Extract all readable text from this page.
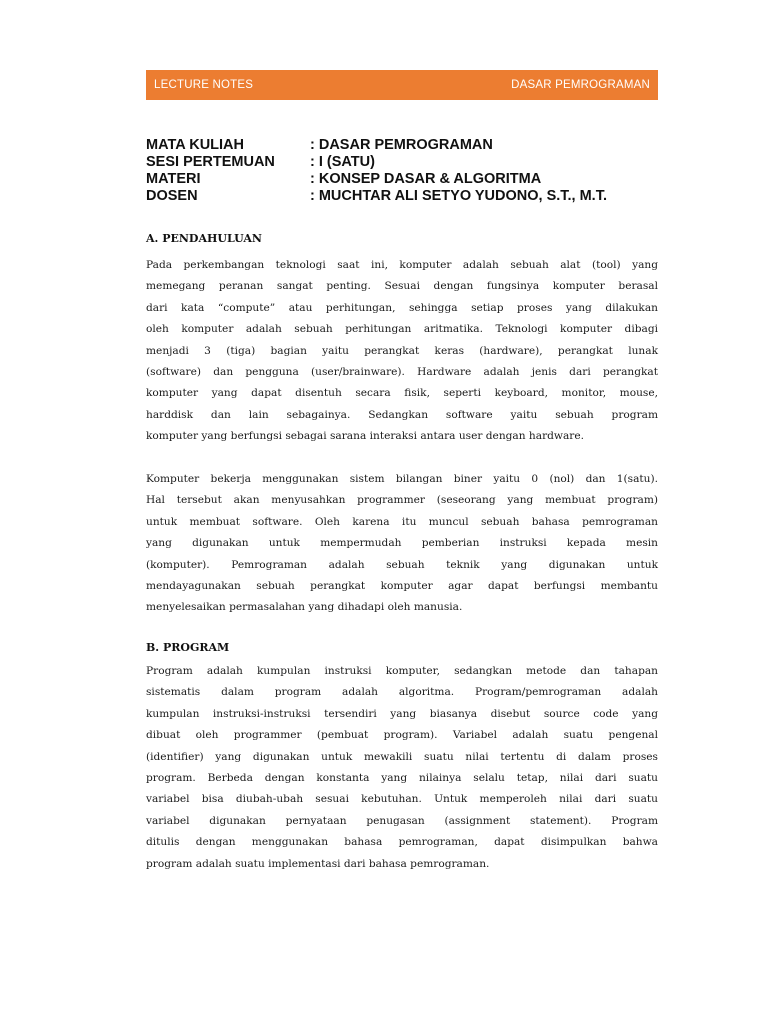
LECTURE NOTES	DASAR PEMROGRAMAN
MATA KULIAH	: DASAR PEMROGRAMAN
SESI PERTEMUAN	: I (SATU)
MATERI	: KONSEP DASAR & ALGORITMA
DOSEN	: MUCHTAR ALI SETYO YUDONO, S.T., M.T.
A. PENDAHULUAN
Pada perkembangan teknologi saat ini, komputer adalah sebuah alat (tool) yang
memegang peranan sangat penting. Sesuai dengan fungsinya komputer berasal
dari kata “compute” atau perhitungan, sehingga setiap proses yang dilakukan
oleh komputer adalah sebuah perhitungan aritmatika. Teknologi komputer dibagi
menjadi 3 (tiga) bagian yaitu perangkat keras (hardware), perangkat lunak
(software) dan pengguna (user/brainware). Hardware adalah jenis dari perangkat
komputer yang dapat disentuh secara fisik, seperti keyboard, monitor, mouse,
harddisk dan lain sebagainya. Sedangkan software yaitu sebuah program
komputer yang berfungsi sebagai sarana interaksi antara user dengan hardware.
Komputer bekerja menggunakan sistem bilangan biner yaitu 0 (nol) dan 1(satu).
Hal tersebut akan menyusahkan programmer (seseorang yang membuat program)
untuk membuat software. Oleh karena itu muncul sebuah bahasa pemrograman
yang digunakan untuk mempermudah pemberian instruksi kepada mesin
(komputer). Pemrograman adalah sebuah teknik yang digunakan untuk
mendayagunakan sebuah perangkat komputer agar dapat berfungsi membantu
menyelesaikan permasalahan yang dihadapi oleh manusia.
B. PROGRAM
Program adalah kumpulan instruksi komputer, sedangkan metode dan tahapan
sistematis dalam program adalah algoritma. Program/pemrograman adalah
kumpulan instruksi-instruksi tersendiri yang biasanya disebut source code yang
dibuat oleh programmer (pembuat program). Variabel adalah suatu pengenal
(identifier) yang digunakan untuk mewakili suatu nilai tertentu di dalam proses
program. Berbeda dengan konstanta yang nilainya selalu tetap, nilai dari suatu
variabel bisa diubah-ubah sesuai kebutuhan. Untuk memperoleh nilai dari suatu
variabel digunakan pernyataan penugasan (assignment statement). Program
ditulis dengan menggunakan bahasa pemrograman, dapat disimpulkan bahwa
program adalah suatu implementasi dari bahasa pemrograman.
